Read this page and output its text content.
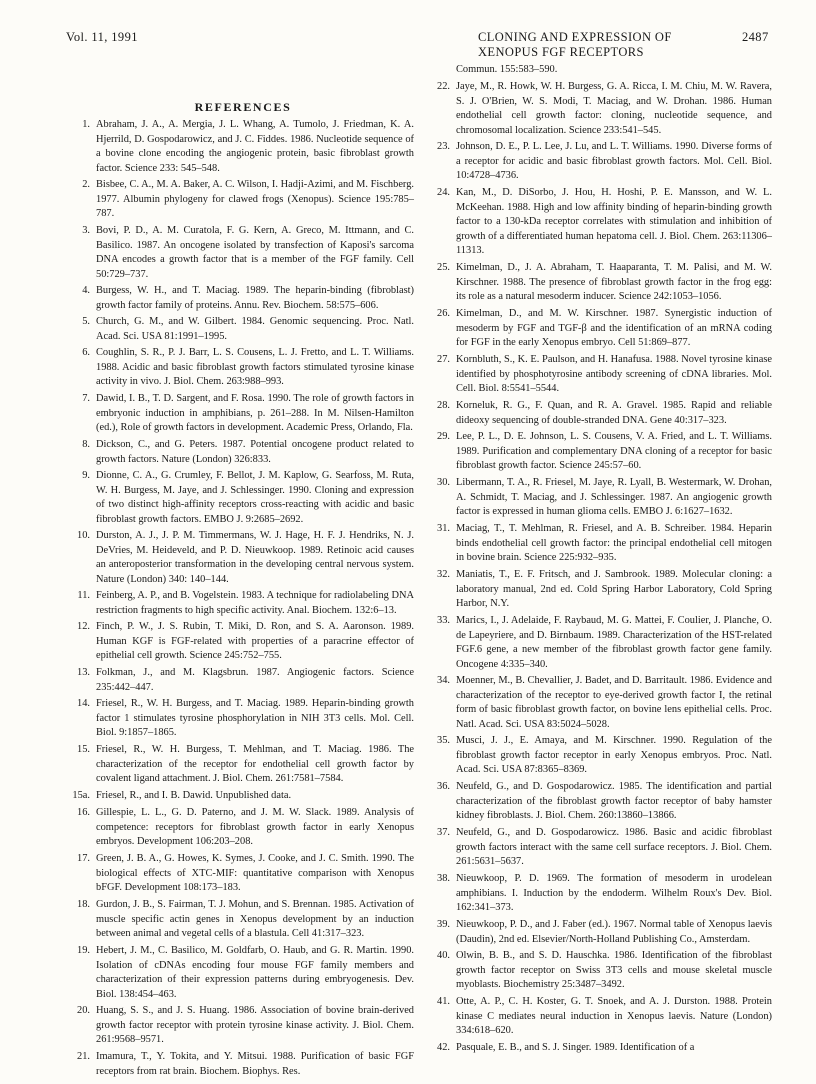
Vol. 11, 1991	CLONING AND EXPRESSION OF XENOPUS FGF RECEPTORS
2487
REFERENCES
1. Abraham, J. A., A. Mergia, J. L. Whang, A. Tumolo, J. Friedman, K. A. Hjerrild, D. Gospodarowicz, and J. C. Fiddes. 1986. Nucleotide sequence of a bovine clone encoding the angiogenic protein, basic fibroblast growth factor. Science 233: 545–548.
2. Bisbee, C. A., M. A. Baker, A. C. Wilson, I. Hadji-Azimi, and M. Fischberg. 1977. Albumin phylogeny for clawed frogs (Xenopus). Science 195:785–787.
3. Bovi, P. D., A. M. Curatola, F. G. Kern, A. Greco, M. Ittmann, and C. Basilico. 1987. An oncogene isolated by transfection of Kaposi's sarcoma DNA encodes a growth factor that is a member of the FGF family. Cell 50:729–737.
4. Burgess, W. H., and T. Maciag. 1989. The heparin-binding (fibroblast) growth factor family of proteins. Annu. Rev. Biochem. 58:575–606.
5. Church, G. M., and W. Gilbert. 1984. Genomic sequencing. Proc. Natl. Acad. Sci. USA 81:1991–1995.
6. Coughlin, S. R., P. J. Barr, L. S. Cousens, L. J. Fretto, and L. T. Williams. 1988. Acidic and basic fibroblast growth factors stimulated tyrosine kinase activity in vivo. J. Biol. Chem. 263:988–993.
7. Dawid, I. B., T. D. Sargent, and F. Rosa. 1990. The role of growth factors in embryonic induction in amphibians, p. 261–288. In M. Nilsen-Hamilton (ed.), Role of growth factors in development. Academic Press, Orlando, Fla.
8. Dickson, C., and G. Peters. 1987. Potential oncogene product related to growth factors. Nature (London) 326:833.
9. Dionne, C. A., G. Crumley, F. Bellot, J. M. Kaplow, G. Searfoss, M. Ruta, W. H. Burgess, M. Jaye, and J. Schlessinger. 1990. Cloning and expression of two distinct high-affinity receptors cross-reacting with acidic and basic fibroblast growth factors. EMBO J. 9:2685–2692.
10. Durston, A. J., J. P. M. Timmermans, W. J. Hage, H. F. J. Hendriks, N. J. DeVries, M. Heideveld, and P. D. Nieuwkoop. 1989. Retinoic acid causes an anteroposterior transformation in the developing central nervous system. Nature (London) 340: 140–144.
11. Feinberg, A. P., and B. Vogelstein. 1983. A technique for radiolabeling DNA restriction fragments to high specific activity. Anal. Biochem. 132:6–13.
12. Finch, P. W., J. S. Rubin, T. Miki, D. Ron, and S. A. Aaronson. 1989. Human KGF is FGF-related with properties of a paracrine effector of epithelial cell growth. Science 245:752–755.
13. Folkman, J., and M. Klagsbrun. 1987. Angiogenic factors. Science 235:442–447.
14. Friesel, R., W. H. Burgess, and T. Maciag. 1989. Heparin-binding growth factor 1 stimulates tyrosine phosphorylation in NIH 3T3 cells. Mol. Cell. Biol. 9:1857–1865.
15. Friesel, R., W. H. Burgess, T. Mehlman, and T. Maciag. 1986. The characterization of the receptor for endothelial cell growth factor by covalent ligand attachment. J. Biol. Chem. 261:7581–7584.
15a. Friesel, R., and I. B. Dawid. Unpublished data.
16. Gillespie, L. L., G. D. Paterno, and J. M. W. Slack. 1989. Analysis of competence: receptors for fibroblast growth factor in early Xenopus embryos. Development 106:203–208.
17. Green, J. B. A., G. Howes, K. Symes, J. Cooke, and J. C. Smith. 1990. The biological effects of XTC-MIF: quantitative comparison with Xenopus bFGF. Development 108:173–183.
18. Gurdon, J. B., S. Fairman, T. J. Mohun, and S. Brennan. 1985. Activation of muscle specific actin genes in Xenopus development by an induction between animal and vegetal cells of a blastula. Cell 41:317–323.
19. Hebert, J. M., C. Basilico, M. Goldfarb, O. Haub, and G. R. Martin. 1990. Isolation of cDNAs encoding four mouse FGF family members and characterization of their expression patterns during embryogenesis. Dev. Biol. 138:454–463.
20. Huang, S. S., and J. S. Huang. 1986. Association of bovine brain-derived growth factor receptor with protein tyrosine kinase activity. J. Biol. Chem. 261:9568–9571.
21. Imamura, T., Y. Tokita, and Y. Mitsui. 1988. Purification of basic FGF receptors from rat brain. Biochem. Biophys. Res.
Commun. 155:583–590.
22. Jaye, M., R. Howk, W. H. Burgess, G. A. Ricca, I. M. Chiu, M. W. Ravera, S. J. O'Brien, W. S. Modi, T. Maciag, and W. Drohan. 1986. Human endothelial cell growth factor: cloning, nucleotide sequence, and chromosomal localization. Science 233:541–545.
23. Johnson, D. E., P. L. Lee, J. Lu, and L. T. Williams. 1990. Diverse forms of a receptor for acidic and basic fibroblast growth factors. Mol. Cell. Biol. 10:4728–4736.
24. Kan, M., D. DiSorbo, J. Hou, H. Hoshi, P. E. Mansson, and W. L. McKeehan. 1988. High and low affinity binding of heparin-binding growth factor to a 130-kDa receptor correlates with stimulation and inhibition of growth of a differentiated human hepatoma cell. J. Biol. Chem. 263:11306–11313.
25. Kimelman, D., J. A. Abraham, T. Haaparanta, T. M. Palisi, and M. W. Kirschner. 1988. The presence of fibroblast growth factor in the frog egg: its role as a natural mesoderm inducer. Science 242:1053–1056.
26. Kimelman, D., and M. W. Kirschner. 1987. Synergistic induction of mesoderm by FGF and TGF-β and the identification of an mRNA coding for FGF in the early Xenopus embryo. Cell 51:869–877.
27. Kornbluth, S., K. E. Paulson, and H. Hanafusa. 1988. Novel tyrosine kinase identified by phosphotyrosine antibody screening of cDNA libraries. Mol. Cell. Biol. 8:5541–5544.
28. Korneluk, R. G., F. Quan, and R. A. Gravel. 1985. Rapid and reliable dideoxy sequencing of double-stranded DNA. Gene 40:317–323.
29. Lee, P. L., D. E. Johnson, L. S. Cousens, V. A. Fried, and L. T. Williams. 1989. Purification and complementary DNA cloning of a receptor for basic fibroblast growth factor. Science 245:57–60.
30. Libermann, T. A., R. Friesel, M. Jaye, R. Lyall, B. Westermark, W. Drohan, A. Schmidt, T. Maciag, and J. Schlessinger. 1987. An angiogenic growth factor is expressed in human glioma cells. EMBO J. 6:1627–1632.
31. Maciag, T., T. Mehlman, R. Friesel, and A. B. Schreiber. 1984. Heparin binds endothelial cell growth factor: the principal endothelial cell mitogen in bovine brain. Science 225:932–935.
32. Maniatis, T., E. F. Fritsch, and J. Sambrook. 1989. Molecular cloning: a laboratory manual, 2nd ed. Cold Spring Harbor Laboratory, Cold Spring Harbor, N.Y.
33. Marics, I., J. Adelaide, F. Raybaud, M. G. Mattei, F. Coulier, J. Planche, O. de Lapeyriere, and D. Birnbaum. 1989. Characterization of the HST-related FGF.6 gene, a new member of the fibroblast growth factor gene family. Oncogene 4:335–340.
34. Moenner, M., B. Chevallier, J. Badet, and D. Barritault. 1986. Evidence and characterization of the receptor to eye-derived growth factor I, the retinal form of basic fibroblast growth factor, on bovine lens epithelial cells. Proc. Natl. Acad. Sci. USA 83:5024–5028.
35. Musci, J. J., E. Amaya, and M. Kirschner. 1990. Regulation of the fibroblast growth factor receptor in early Xenopus embryos. Proc. Natl. Acad. Sci. USA 87:8365–8369.
36. Neufeld, G., and D. Gospodarowicz. 1985. The identification and partial characterization of the fibroblast growth factor receptor of baby hamster kidney fibroblasts. J. Biol. Chem. 260:13860–13866.
37. Neufeld, G., and D. Gospodarowicz. 1986. Basic and acidic fibroblast growth factors interact with the same cell surface receptors. J. Biol. Chem. 261:5631–5637.
38. Nieuwkoop, P. D. 1969. The formation of mesoderm in urodelean amphibians. I. Induction by the endoderm. Wilhelm Roux's Dev. Biol. 162:341–373.
39. Nieuwkoop, P. D., and J. Faber (ed.). 1967. Normal table of Xenopus laevis (Daudin), 2nd ed. Elsevier/North-Holland Publishing Co., Amsterdam.
40. Olwin, B. B., and S. D. Hauschka. 1986. Identification of the fibroblast growth factor receptor on Swiss 3T3 cells and mouse skeletal muscle myoblasts. Biochemistry 25:3487–3492.
41. Otte, A. P., C. H. Koster, G. T. Snoek, and A. J. Durston. 1988. Protein kinase C mediates neural induction in Xenopus laevis. Nature (London) 334:618–620.
42. Pasquale, E. B., and S. J. Singer. 1989. Identification of a
